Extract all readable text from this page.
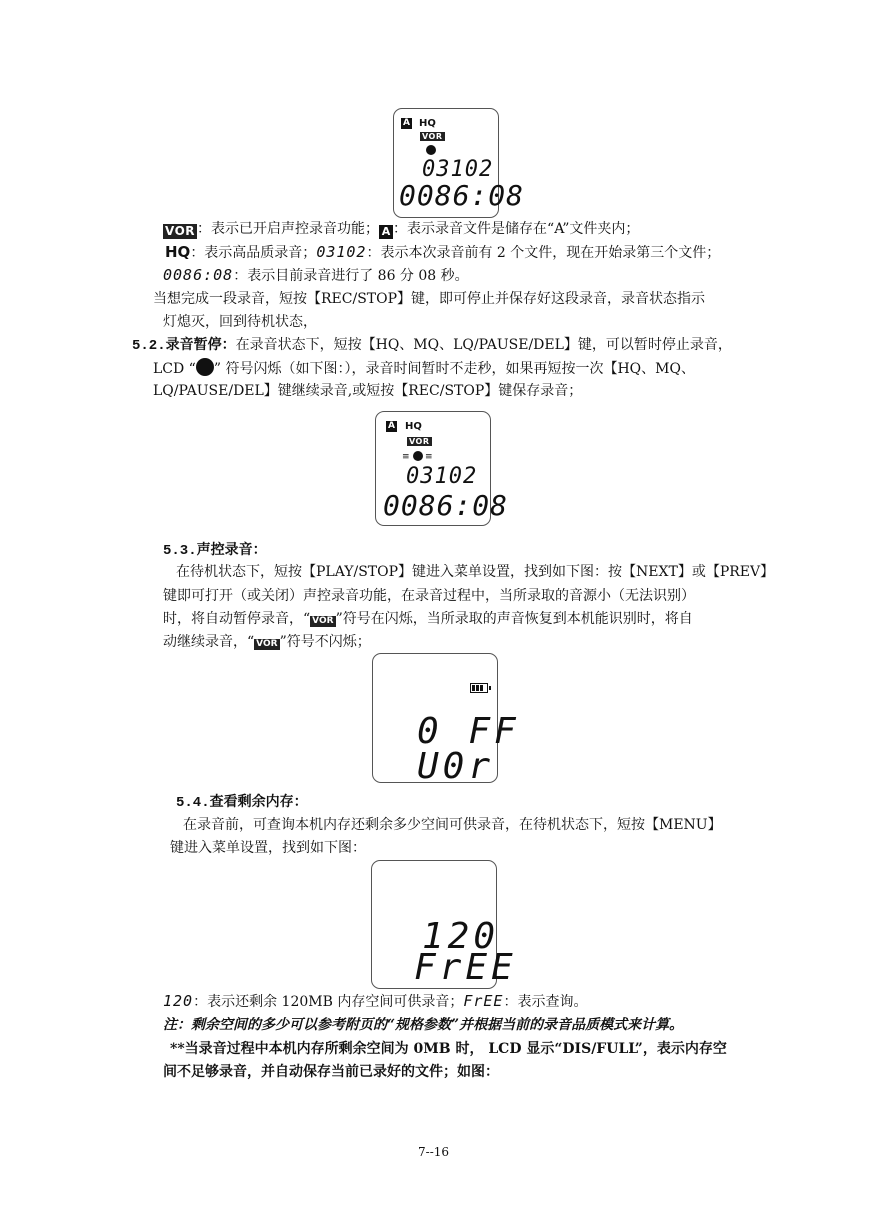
A HQ
VOR
03102
0086:08
VOR ：表示已开启声控录音功能； A ：表示录音文件是储存在“A”文件夹内；
HQ：表示高品质录音；03102：表示本次录音前有 2 个文件，现在开始录第三个文件；
0086:08：表示目前录音进行了 86 分 08 秒。
当想完成一段录音，短按【REC/STOP】键，即可停止并保存好这段录音，录音状态指示
灯熄灭，回到待机状态，
5.2.录音暂停：在录音状态下，短按【HQ、MQ、LQ/PAUSE/DEL】键，可以暂时停止录音，
LCD “ ” 符号闪烁（如下图：），录音时间暂时不走秒，如果再短按一次【HQ、MQ、
LQ/PAUSE/DEL】键继续录音,或短按【REC/STOP】键保存录音；
A HQ
VOR
≡ ≡
03102
0086:08
5.3.声控录音：
在待机状态下，短按【PLAY/STOP】键进入菜单设置，找到如下图：按【NEXT】或【PREV】
键即可打开（或关闭）声控录音功能，在录音过程中，当所录取的音源小（无法识别）
时，将自动暂停录音，“ VOR ”符号在闪烁，当所录取的声音恢复到本机能识别时，将自
动继续录音，“ VOR ”符号不闪烁；
0 FF
U0r
5.4.查看剩余内存：
在录音前，可查询本机内存还剩余多少空间可供录音，在待机状态下，短按【MENU】
键进入菜单设置，找到如下图：
120
FrEE
120：表示还剩余 120MB 内存空间可供录音；FrEE：表示查询。
注：剩余空间的多少可以参考附页的“规格参数”并根据当前的录音品质模式来计算。
**当录音过程中本机内存所剩余空间为 0MB 时， LCD 显示“DIS/FULL”，表示内存空
间不足够录音，并自动保存当前已录好的文件；如图：
7--16
